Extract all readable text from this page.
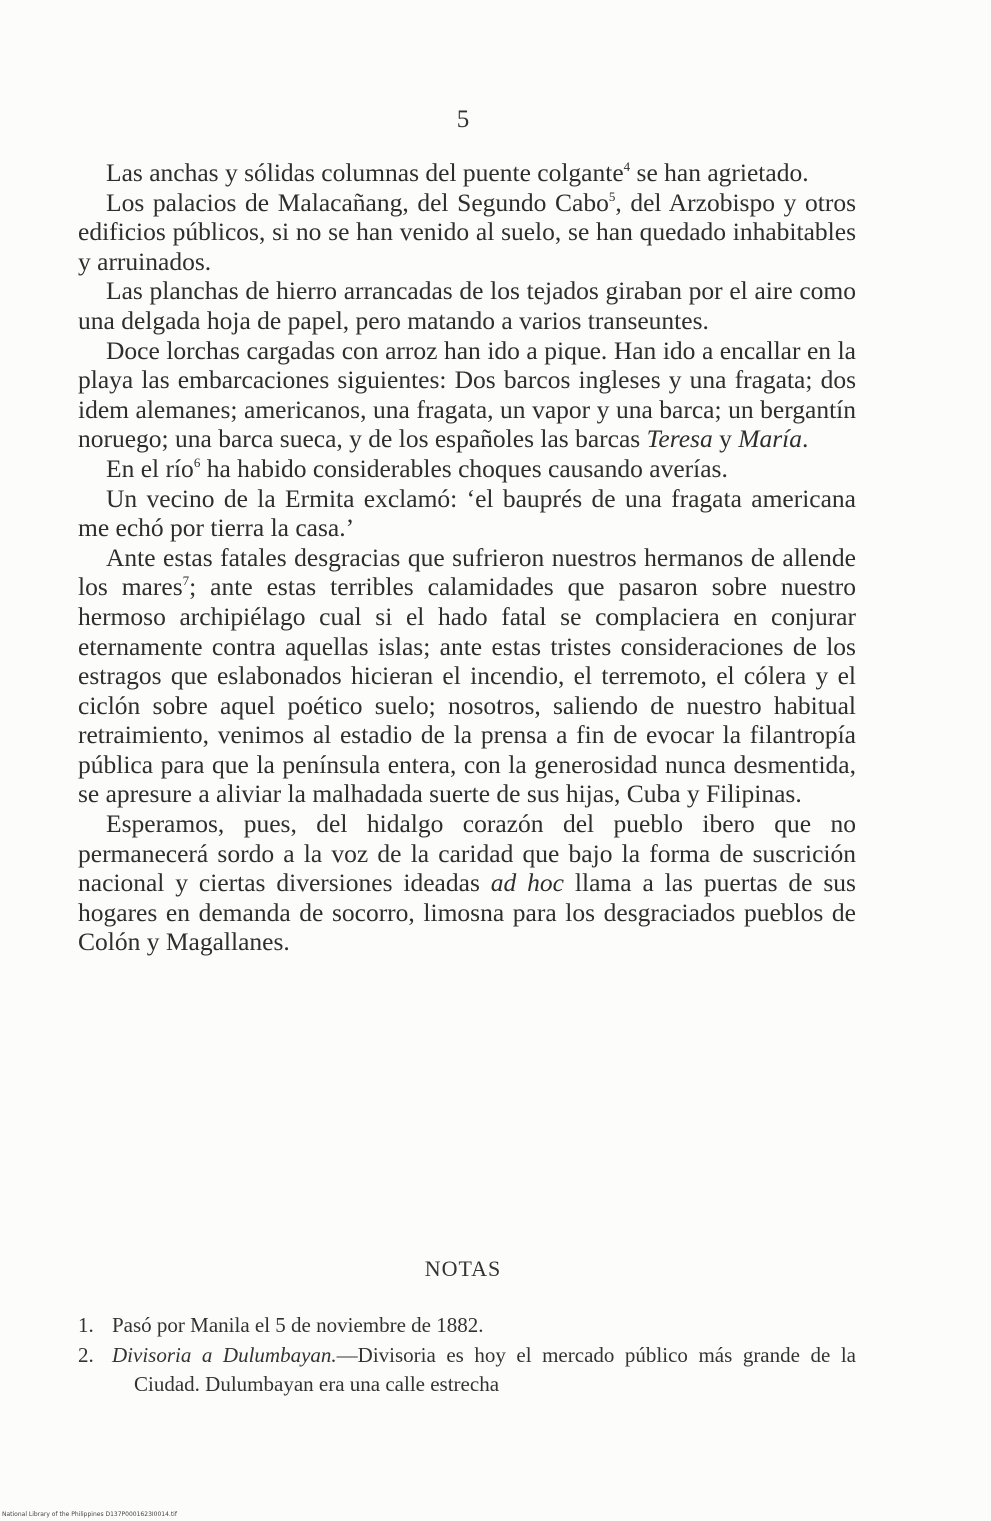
5

Las anchas y sólidas columnas del puente colgante$^4$ se han agrietado.

Los palacios de Malacañang, del Segundo Cabo$^5$, del Arzobispo y otros edificios públicos, si no se han venido al suelo, se han quedado inhabitables y arruinados.

Las planchas de hierro arrancadas de los tejados giraban por el aire como una delgada hoja de papel, pero matando a varios transeuntes.

Doce lorchas cargadas con arroz han ido a pique. Han ido a encallar en la playa las embarcaciones siguientes: Dos barcos ingleses y una fragata; dos idem alemanes; americanos, una fragata, un vapor y una barca; un bergantín noruego; una barca sueca, y de los españoles las barcas Teresa y María.

En el río$^6$ ha habido considerables choques causando averías.

Un vecino de la Ermita exclamó: ‘el bauprés de una fragata americana me echó por tierra la casa.’

Ante estas fatales desgracias que sufrieron nuestros hermanos de allende los mares$^7$; ante estas terribles calamidades que pasaron sobre nuestro hermoso archipiélago cual si el hado fatal se complaciera en conjurar eternamente contra aquellas islas; ante estas tristes consideraciones de los estragos que eslabonados hicieran el incendio, el terremoto, el cólera y el ciclón sobre aquel poético suelo; nosotros, saliendo de nuestro habitual retraimiento, venimos al estadio de la prensa a fin de evocar la filantropía pública para que la península entera, con la generosidad nunca desmentida, se apresure a aliviar la malhadada suerte de sus hijas, Cuba y Filipinas.

Esperamos, pues, del hidalgo corazón del pueblo ibero que no permanecerá sordo a la voz de la caridad que bajo la forma de suscrición nacional y ciertas diversiones ideadas ad hoc llama a las puertas de sus hogares en demanda de socorro, limosna para los desgraciados pueblos de Colón y Magallanes.

NOTAS

1. Pasó por Manila el 5 de noviembre de 1882.

2. Divisoria a Dulumbayan.—Divisoria es hoy el mercado público más grande de la Ciudad. Dulumbayan era una calle estrecha

National Library of the Philippines D137P0001623I0014.tif
